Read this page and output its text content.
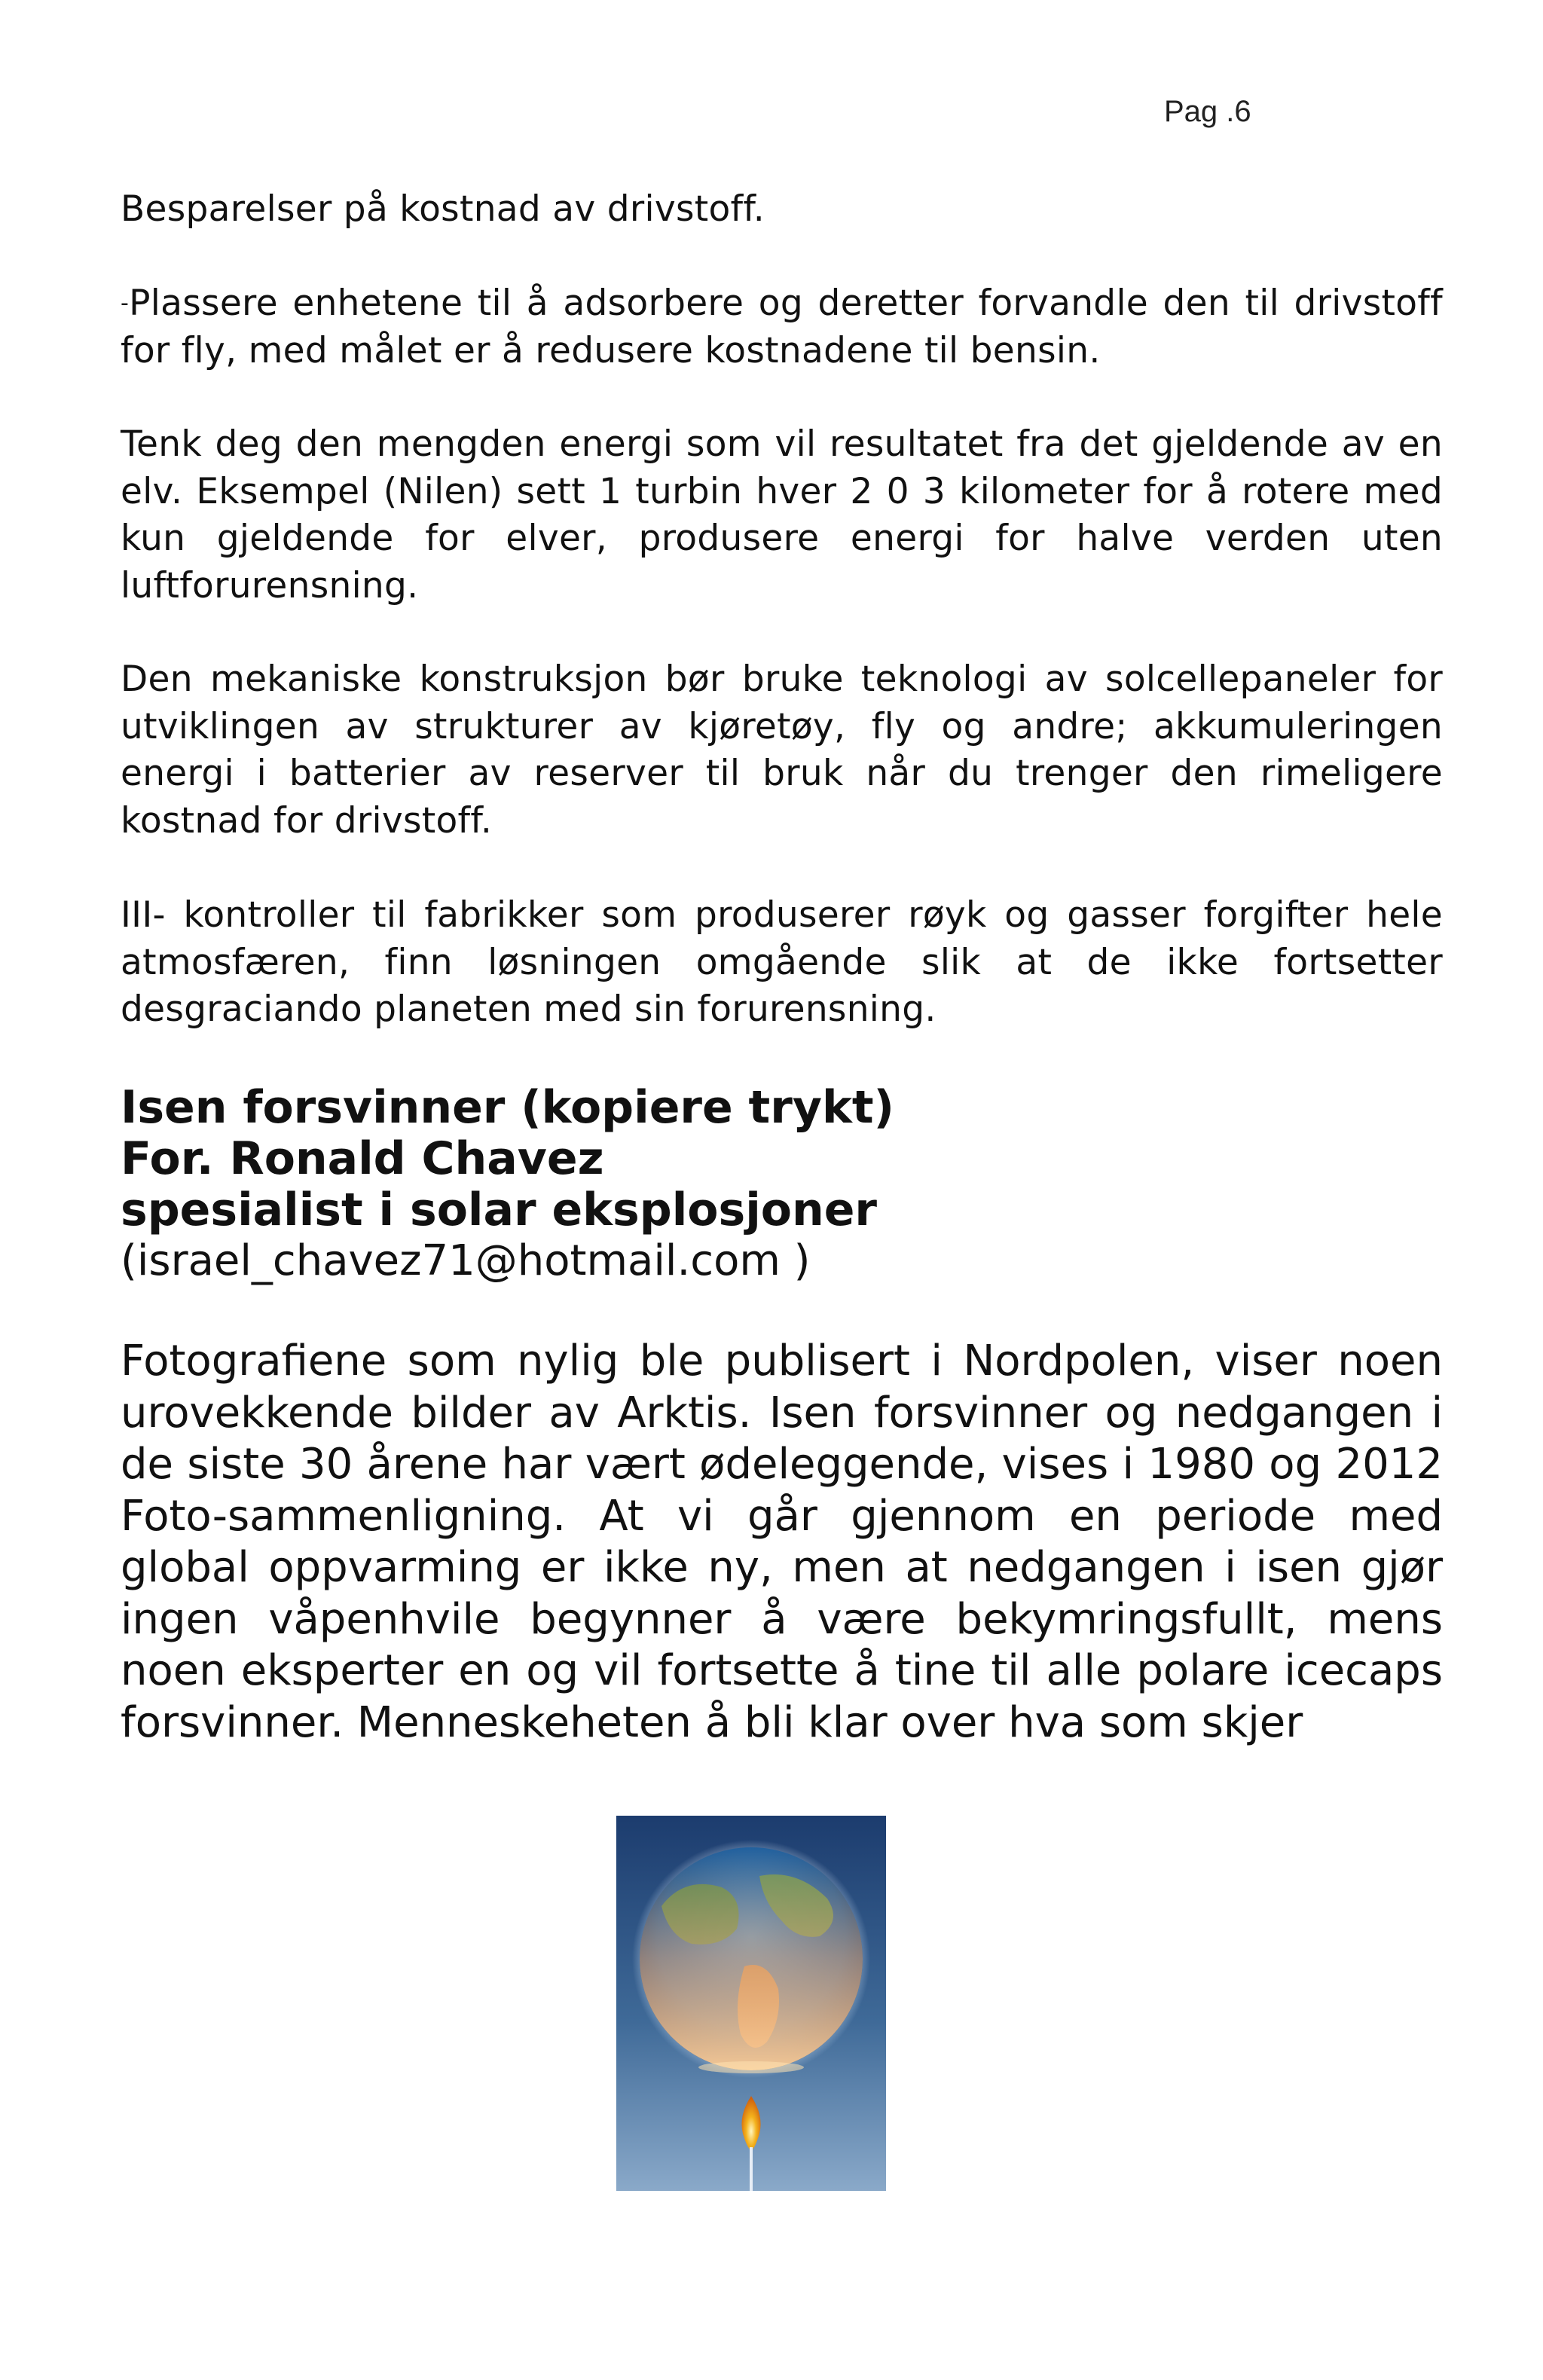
Pag .6

Besparelser på kostnad av drivstoff.

-Plassere enhetene til å adsorbere og deretter forvandle den til drivstoff for fly, med målet er å redusere kostnadene til bensin.

Tenk deg den mengden energi som vil resultatet fra det gjeldende av en elv. Eksempel (Nilen) sett 1 turbin hver 2 0 3 kilometer for å rotere med kun gjeldende for elver, produsere energi for halve verden uten luftforurensning.

Den mekaniske konstruksjon bør bruke teknologi av solcellepaneler for utviklingen av strukturer av kjøretøy, fly og andre; akkumuleringen energi i batterier av reserver til bruk når du trenger den rimeligere kostnad for drivstoff.

III- kontroller til fabrikker som produserer røyk og gasser forgifter hele atmosfæren, finn løsningen omgående slik at de ikke fortsetter desgraciando planeten med sin forurensning.

Isen forsvinner (kopiere trykt)

For. Ronald Chavez

spesialist i solar eksplosjoner

(israel_chavez71@hotmail.com )

Fotografiene som nylig ble publisert i Nordpolen, viser noen urovekkende bilder av Arktis. Isen forsvinner og nedgangen i de siste 30 årene har vært ødeleggende, vises i 1980 og 2012 Foto-sammenligning. At vi går gjennom en periode med global oppvarming er ikke ny, men at nedgangen i isen gjør ingen våpenhvile begynner å være bekymringsfullt, mens noen eksperter en og vil fortsette å tine til alle polare icecaps forsvinner. Menneskeheten å bli klar over hva som skjer
